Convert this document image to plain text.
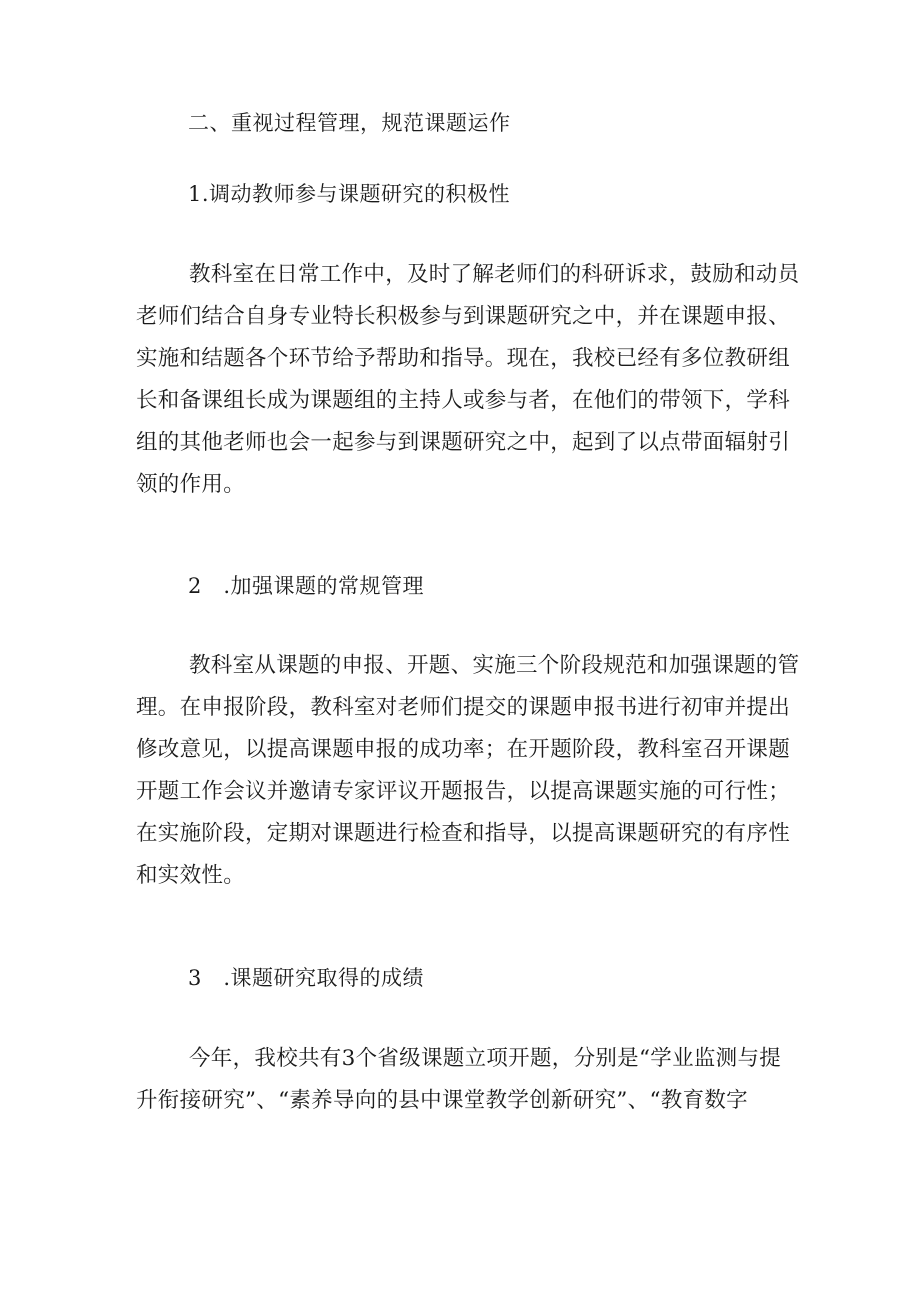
二、重视过程管理，规范课题运作
1.调动教师参与课题研究的积极性
教科室在日常工作中，及时了解老师们的科研诉求，鼓励和动员
老师们结合自身专业特长积极参与到课题研究之中，并在课题申报、
实施和结题各个环节给予帮助和指导。现在，我校已经有多位教研组
长和备课组长成为课题组的主持人或参与者，在他们的带领下，学科
组的其他老师也会一起参与到课题研究之中，起到了以点带面辐射引
领的作用。
2　.加强课题的常规管理
教科室从课题的申报、开题、实施三个阶段规范和加强课题的管
理。在申报阶段，教科室对老师们提交的课题申报书进行初审并提出
修改意见，以提高课题申报的成功率；在开题阶段，教科室召开课题
开题工作会议并邀请专家评议开题报告，以提高课题实施的可行性；
在实施阶段，定期对课题进行检查和指导，以提高课题研究的有序性
和实效性。
3　.课题研究取得的成绩
今年，我校共有3个省级课题立项开题，分别是“学业监测与提
升衔接研究”、“素养导向的县中课堂教学创新研究”、“教育数字
